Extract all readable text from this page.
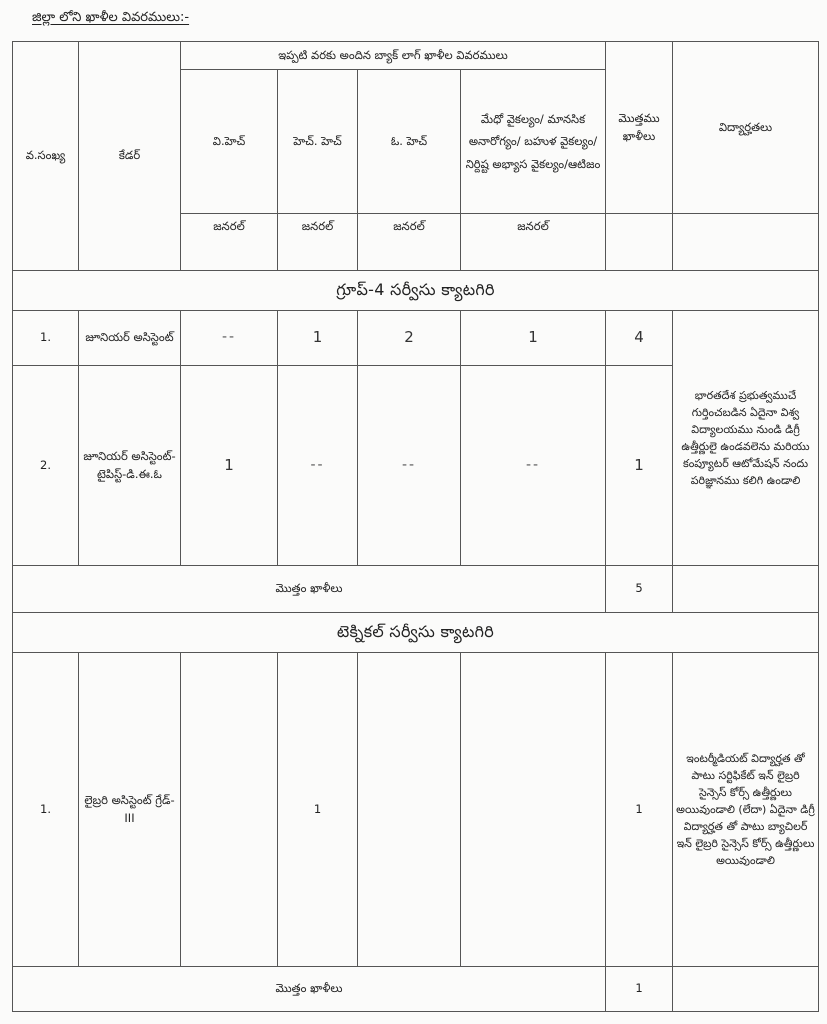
జిల్లా లోని ఖాళీల వివరములు:-
వ.సంఖ్య	కేడర్	ఇప్పటి వరకు అందిన బ్యాక్ లాగ్ ఖాళీల వివరములు				మొత్తము ఖాళీలు	విద్యార్హతలు
		వి.హెచ్	హెచ్. హెచ్	ఓ. హెచ్	మేధో వైకల్యం/ మానసిక అనారోగ్యం/ బహుళ వైకల్యం/ నిర్దిష్ట అభ్యాస వైకల్యం/ఆటిజం		
		జనరల్	జనరల్	జనరల్	జనరల్		
గ్రూప్-4 సర్వీసు క్యాటగిరి							
1.	జూనియర్ అసిస్టెంట్	--	1	2	1	4	భారతదేశ ప్రభుత్వముచే గుర్తించబడిన ఏదైనా విశ్వ విద్యాలయము నుండి డిగ్రీ ఉత్తీర్ణులై ఉండవలెను మరియు కంప్యూటర్ ఆటోమేషన్ నందు పరిజ్ఞానము కలిగి ఉండాలి
2.	జూనియర్ అసిస్టెంట్- టైపిస్ట్-డి.ఈ.ఓ	1	--	--	--	1	
మొత్తం ఖాళీలు						5	
టెక్నికల్ సర్వీసు క్యాటగిరి							
1.	లైబ్రరి అసిస్టెంట్ గ్రేడ్-III		1			1	ఇంటర్మీడియట్ విద్యార్హత తో పాటు సర్టిఫికేట్ ఇన్ లైబ్రరి సైన్సెస్ కోర్స్ ఉత్తీర్ణులు అయివుండాలి (లేదా) ఏదైనా డిగ్రీ విద్యార్హత తో పాటు బ్యాచిలర్ ఇన్ లైబ్రరి సైన్సెస్ కోర్స్ ఉత్తీర్ణులు అయివుండాలి
మొత్తం ఖాళీలు						1	
